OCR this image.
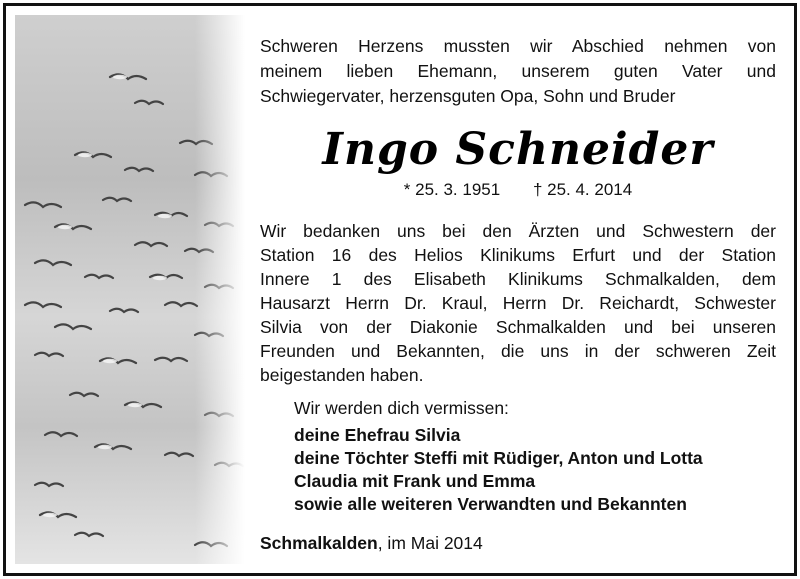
Schweren Herzens mussten wir Abschied nehmen von
meinem lieben Ehemann, unserem guten Vater und
Schwiegervater, herzensguten Opa, Sohn und Bruder
Ingo Schneider
* 25. 3. 1951 † 25. 4. 2014
Wir bedanken uns bei den Ärzten und Schwestern der
Station 16 des Helios Klinikums Erfurt und der Station
Innere 1 des Elisabeth Klinikums Schmalkalden, dem
Hausarzt Herrn Dr. Kraul, Herrn Dr. Reichardt, Schwester
Silvia von der Diakonie Schmalkalden und bei unseren
Freunden und Bekannten, die uns in der schweren Zeit
beigestanden haben.
Wir werden dich vermissen:
deine Ehefrau Silvia
deine Töchter Steffi mit Rüdiger, Anton und Lotta
Claudia mit Frank und Emma
sowie alle weiteren Verwandten und Bekannten
Schmalkalden, im Mai 2014
